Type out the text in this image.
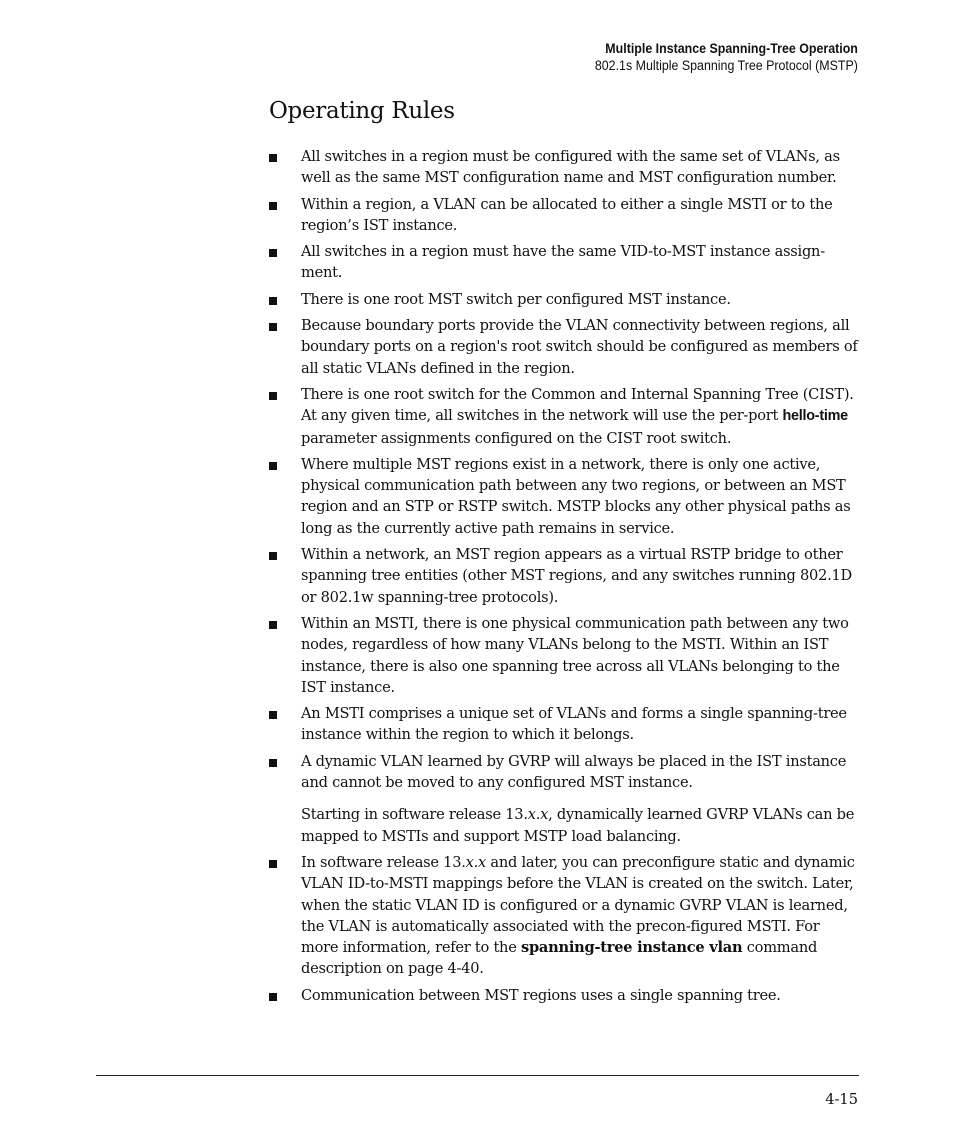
Multiple Instance Spanning-Tree Operation
802.1s Multiple Spanning Tree Protocol (MSTP)
Operating Rules
All switches in a region must be configured with the same set of VLANs, as well as the same MST configuration name and MST configuration number.
Within a region, a VLAN can be allocated to either a single MSTI or to the region’s IST instance.
All switches in a region must have the same VID-to-MST instance assign-ment.
There is one root MST switch per configured MST instance.
Because boundary ports provide the VLAN connectivity between regions, all boundary ports on a region's root switch should be configured as members of all static VLANs defined in the region.
There is one root switch for the Common and Internal Spanning Tree (CIST). At any given time, all switches in the network will use the per-port hello-time parameter assignments configured on the CIST root switch.
Where multiple MST regions exist in a network, there is only one active, physical communication path between any two regions, or between an MST region and an STP or RSTP switch. MSTP blocks any other physical paths as long as the currently active path remains in service.
Within a network, an MST region appears as a virtual RSTP bridge to other spanning tree entities (other MST regions, and any switches running 802.1D or 802.1w spanning-tree protocols).
Within an MSTI, there is one physical communication path between any two nodes, regardless of how many VLANs belong to the MSTI. Within an IST instance, there is also one spanning tree across all VLANs belonging to the IST instance.
An MSTI comprises a unique set of VLANs and forms a single spanning-tree instance within the region to which it belongs.
A dynamic VLAN learned by GVRP will always be placed in the IST instance and cannot be moved to any configured MST instance.
Starting in software release 13.x.x, dynamically learned GVRP VLANs can be mapped to MSTIs and support MSTP load balancing.
In software release 13.x.x and later, you can preconfigure static and dynamic VLAN ID-to-MSTI mappings before the VLAN is created on the switch. Later, when the static VLAN ID is configured or a dynamic GVRP VLAN is learned, the VLAN is automatically associated with the precon-figured MSTI. For more information, refer to the spanning-tree instance vlan command description on page 4-40.
Communication between MST regions uses a single spanning tree.
4-15
